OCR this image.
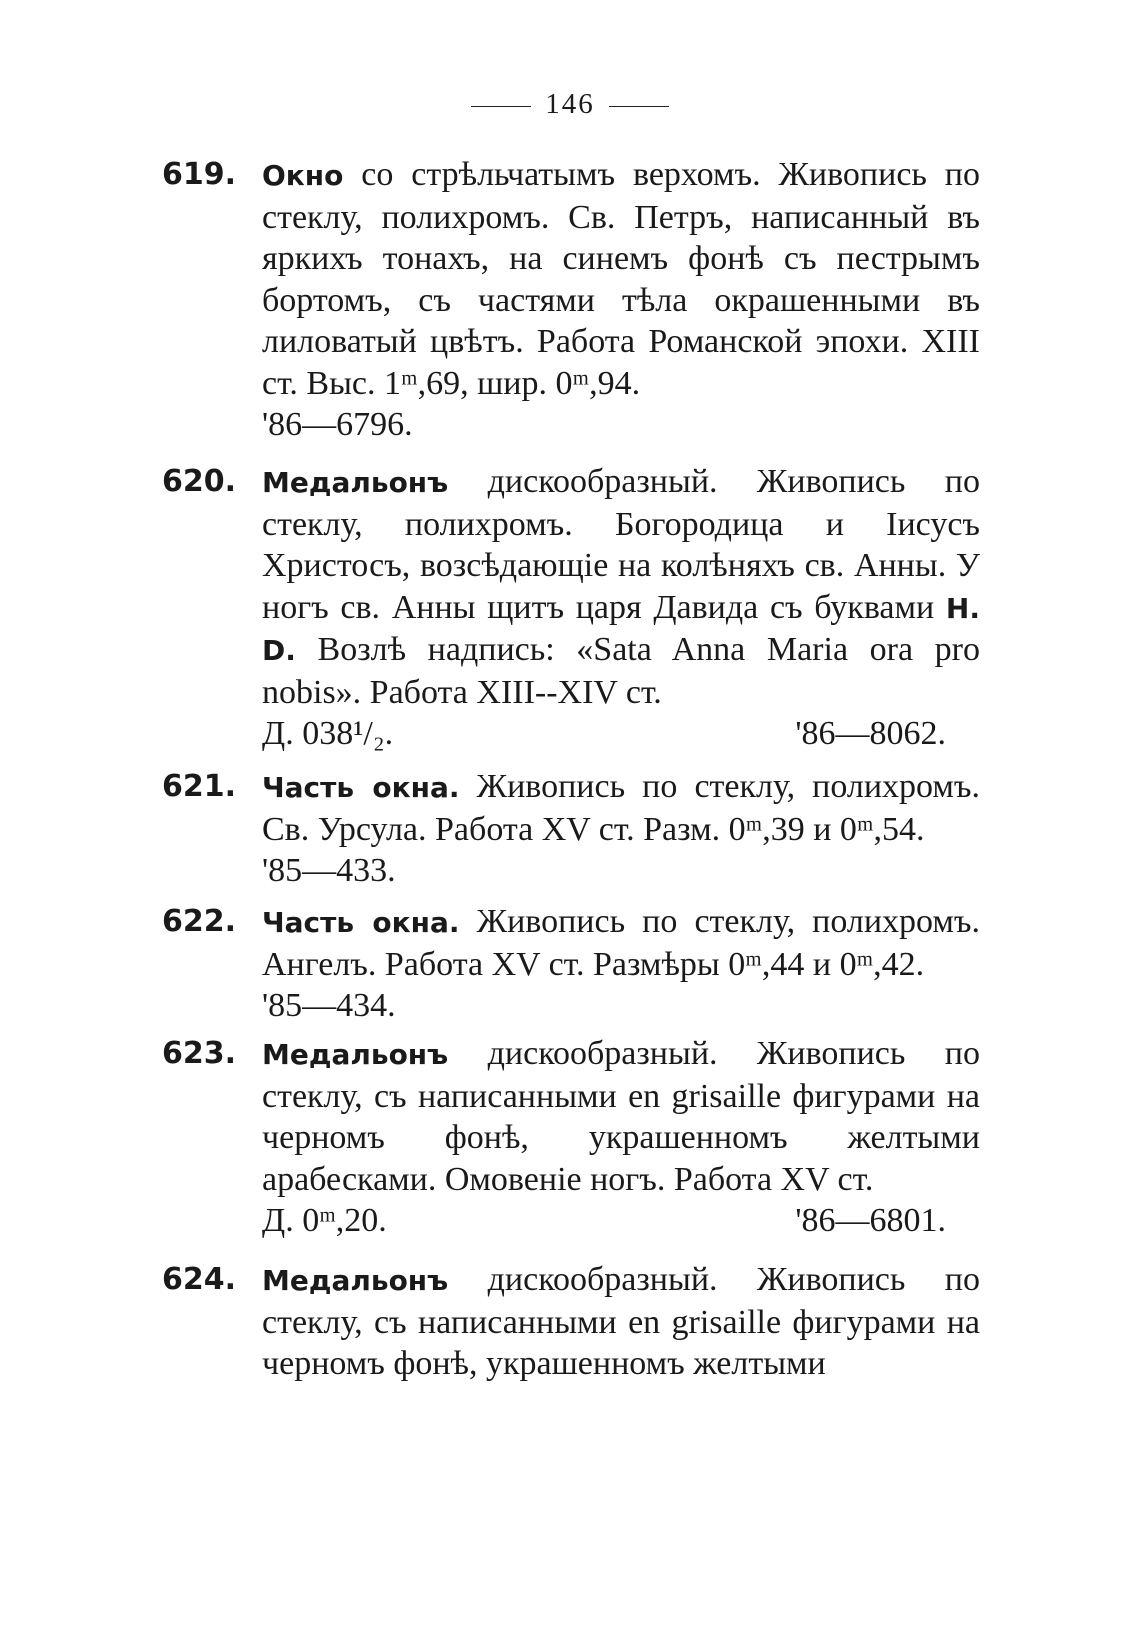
146
619. Окно со стрѣльчатымъ верхомъ. Живопись по стеклу, полихромъ. Св. Петръ, написанный въ яркихъ тонахъ, на синемъ фонѣ съ пестрымъ бортомъ, съ частями тѣла окрашенными въ лиловатый цвѣтъ. Работа Романской эпохи. XIII ст. Выс. 1ᵐ,69, шир. 0ᵐ,94.
'86—6796.
620. Медальонъ дискообразный. Живопись по стеклу, полихромъ. Богородица и Іисусъ Христосъ, возсѣдающіе на колѣняхъ св. Анны. У ногъ св. Анны щитъ царя Давида съ буквами H. D. Возлѣ надпись: «Sata Anna Maria ora pro nobis». Работа XIII--XIV ст.
Д. 038¹/₂.	'86—8062.
621. Часть окна. Живопись по стеклу, полихромъ. Св. Урсула. Работа XV ст. Разм. 0ᵐ,39 и 0ᵐ,54.
'85—433.
622. Часть окна. Живопись по стеклу, полихромъ. Ангелъ. Работа XV ст. Размѣры 0ᵐ,44 и 0ᵐ,42.
'85—434.
623. Медальонъ дискообразный. Живопись по стеклу, съ написанными en grisaille фигурами на черномъ фонѣ, украшенномъ желтыми арабесками. Омовеніе ногъ. Работа XV ст.
Д. 0ᵐ,20.	'86—6801.
624. Медальонъ дискообразный. Живопись по стеклу, съ написанными en grisaille фигурами на черномъ фонѣ, украшенномъ желтыми
